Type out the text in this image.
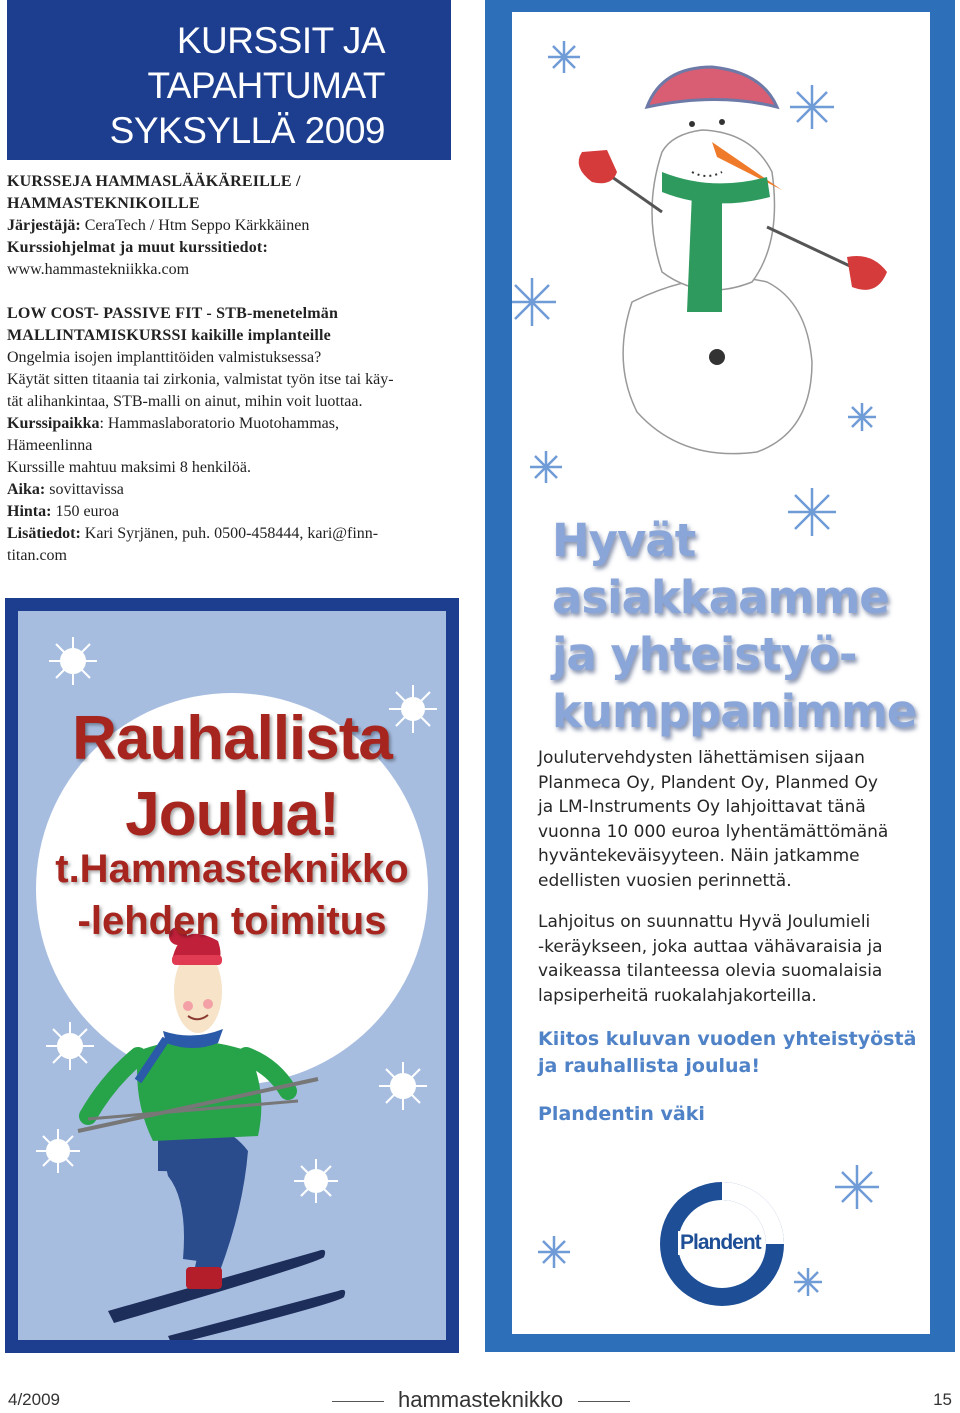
KURSSIT JA
TAPAHTUMAT
SYKSYLLÄ 2009

KURSSEJA HAMMASLÄÄKÄREILLE /

HAMMASTEKNIKOILLE

Järjestäjä: CeraTech / Htm Seppo Kärkkäinen

Kurssiohjelmat ja muut kurssitiedot:

www.hammastekniikka.com

LOW COST- PASSIVE FIT - STB-menetelmän

MALLINTAMISKURSSI kaikille implanteille

Ongelmia isojen implanttitöiden valmistuksessa?

Käytät sitten titaania tai zirkonia, valmistat työn itse tai käy-

tät alihankintaa, STB-malli on ainut, mihin voit luottaa.

Kurssipaikka: Hammaslaboratorio Muotohammas,

Hämeenlinna

Kurssille mahtuu maksimi 8 henkilöä.

Aika: sovittavissa

Hinta: 150 euroa

Lisätiedot: Kari Syrjänen, puh. 0500-458444, kari@finn-

titan.com

Rauhallista
Joulua!
t.Hammasteknikko
-lehden toimitus
Hyvät
asiakkaamme
ja yhteistyö-
kumppanimme
Plandent
Joulutervehdysten lähettämisen sijaan
Planmeca Oy, Plandent Oy, Planmed Oy
ja LM-Instruments Oy lahjoittavat tänä
vuonna 10 000 euroa lyhentämättömänä
hyväntekeväisyyteen. Näin jatkamme
edellisten vuosien perinnettä.
Lahjoitus on suunnattu Hyvä Joulumieli
-keräykseen, joka auttaa vähävaraisia ja
vaikeassa tilanteessa olevia suomalaisia
lapsiperheitä ruokalahjakorteilla.
Kiitos kuluvan vuoden yhteistyöstä
ja rauhallista joulua!
Plandentin väki
4/2009	hammasteknikko	15
